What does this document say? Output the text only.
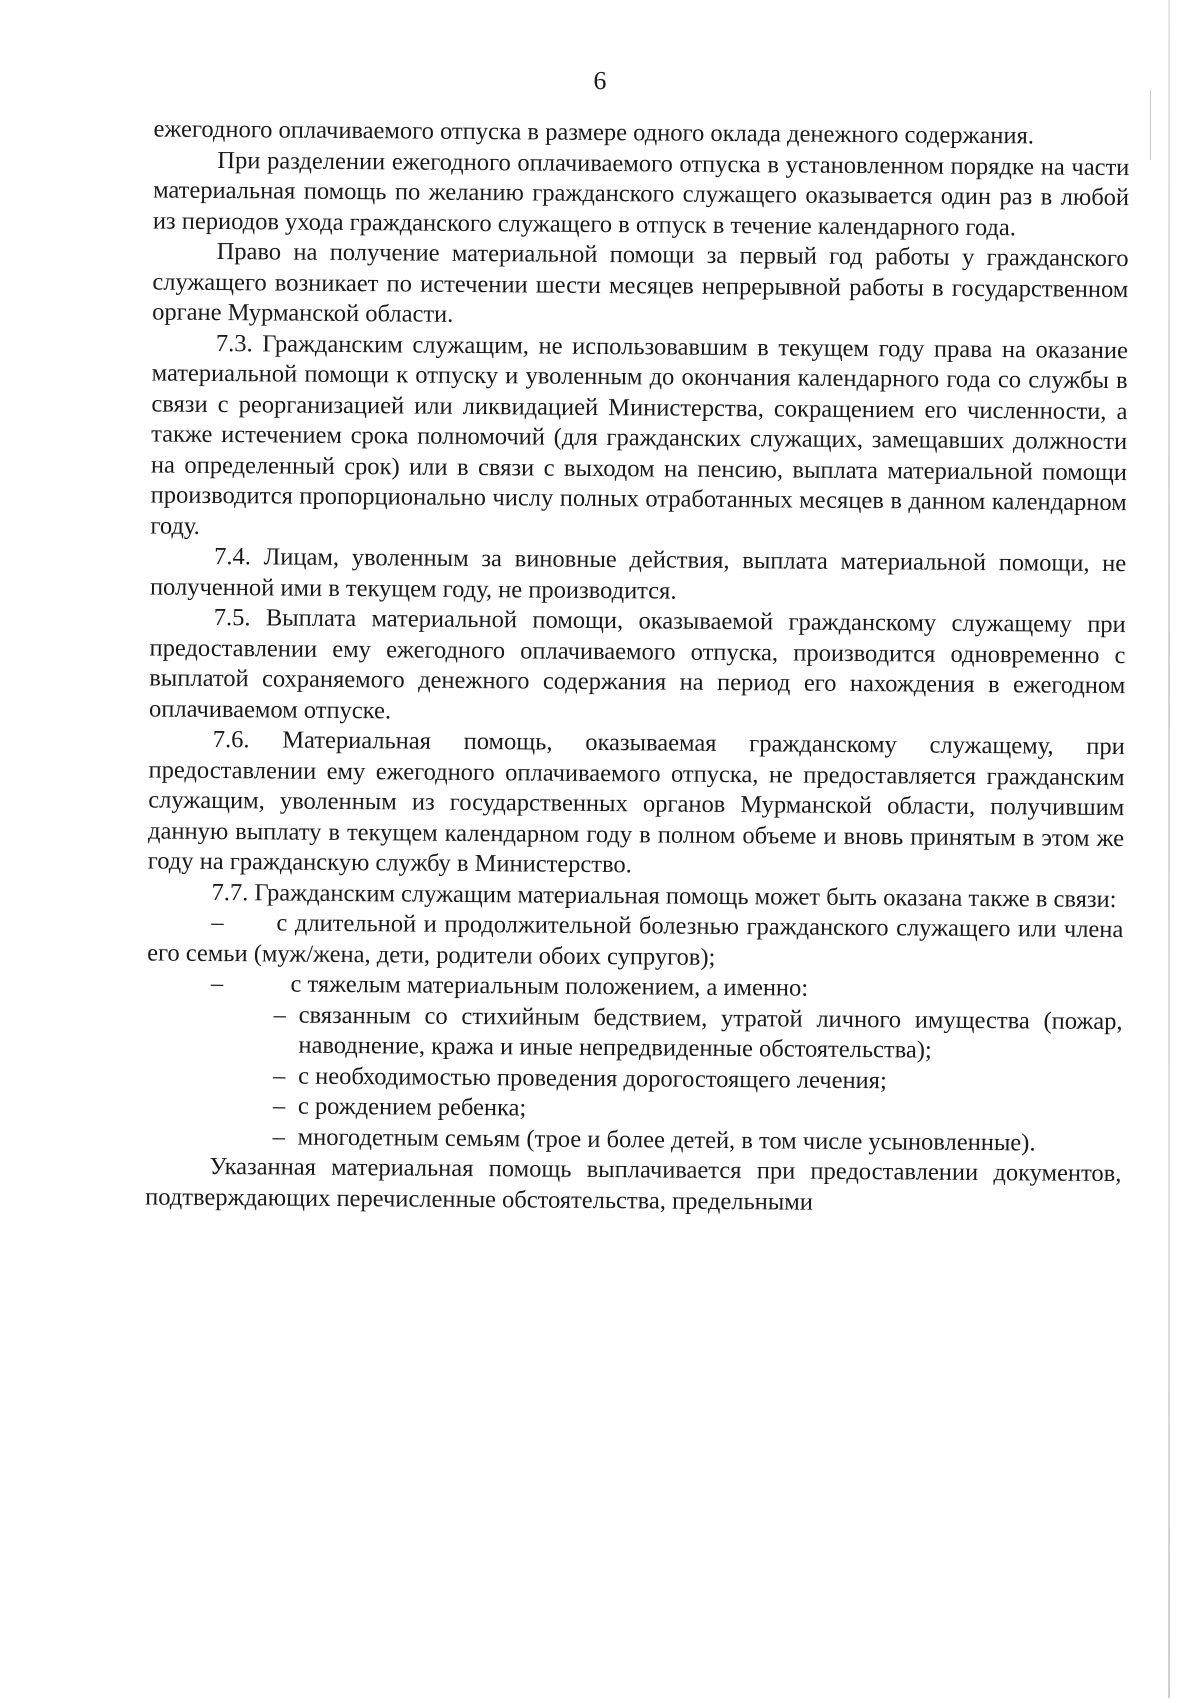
6

ежегодного оплачиваемого отпуска в размере одного оклада денежного содержания.

При разделении ежегодного оплачиваемого отпуска в установленном порядке на части материальная помощь по желанию гражданского служащего оказывается один раз в любой из периодов ухода гражданского служащего в отпуск в течение календарного года.

Право на получение материальной помощи за первый год работы у гражданского служащего возникает по истечении шести месяцев непрерывной работы в государственном органе Мурманской области.

7.3. Гражданским служащим, не использовавшим в текущем году права на оказание материальной помощи к отпуску и уволенным до окончания календарного года со службы в связи с реорганизацией или ликвидацией Министерства, сокращением его численности, а также истечением срока полномочий (для гражданских служащих, замещавших должности на определенный срок) или в связи с выходом на пенсию, выплата материальной помощи производится пропорционально числу полных отработанных месяцев в данном календарном году.

7.4. Лицам, уволенным за виновные действия, выплата материальной помощи, не полученной ими в текущем году, не производится.

7.5. Выплата материальной помощи, оказываемой гражданскому служащему при предоставлении ему ежегодного оплачиваемого отпуска, производится одновременно с выплатой сохраняемого денежного содержания на период его нахождения в ежегодном оплачиваемом отпуске.

7.6. Материальная помощь, оказываемая гражданскому служащему, при предоставлении ему ежегодного оплачиваемого отпуска, не предоставляется гражданским служащим, уволенным из государственных органов Мурманской области, получившим данную выплату в текущем календарном году в полном объеме и вновь принятым в этом же году на гражданскую службу в Министерство.

7.7. Гражданским служащим материальная помощь может быть оказана также в связи:

– с длительной и продолжительной болезнью гражданского служащего или члена его семьи (муж/жена, дети, родители обоих супругов);

–	с тяжелым материальным положением, а именно:

– связанным со стихийным бедствием, утратой личного имущества (пожар, наводнение, кража и иные непредвиденные обстоятельства);

– с необходимостью проведения дорогостоящего лечения;

– с рождением ребенка;

– многодетным семьям (трое и более детей, в том числе усыновленные).

Указанная материальная помощь выплачивается при предоставлении документов, подтверждающих перечисленные обстоятельства, предельными
